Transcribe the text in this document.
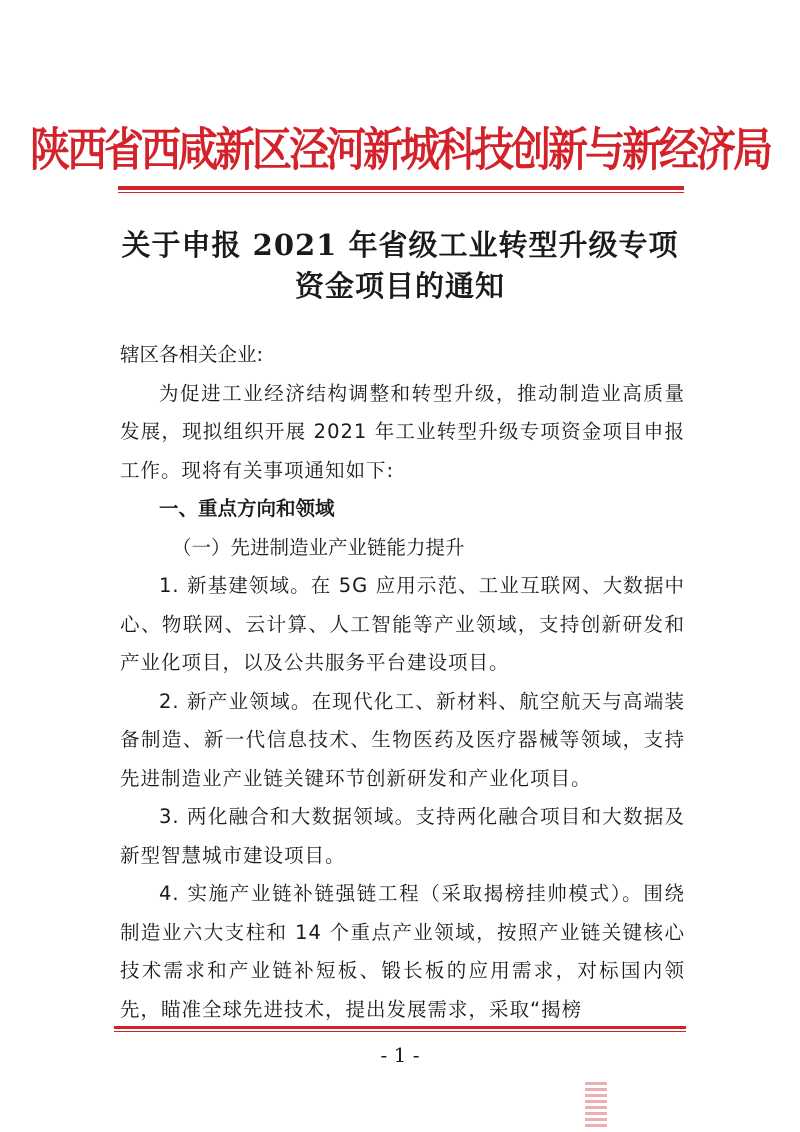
陕西省西咸新区泾河新城科技创新与新经济局
关于申报 2021 年省级工业转型升级专项
资金项目的通知

辖区各相关企业:

为促进工业经济结构调整和转型升级，推动制造业高质量发展，现拟组织开展 2021 年工业转型升级专项资金项目申报工作。现将有关事项通知如下:

一、重点方向和领域

（一）先进制造业产业链能力提升

1. 新基建领域。在 5G 应用示范、工业互联网、大数据中心、物联网、云计算、人工智能等产业领域，支持创新研发和产业化项目，以及公共服务平台建设项目。

2. 新产业领域。在现代化工、新材料、航空航天与高端装备制造、新一代信息技术、生物医药及医疗器械等领域，支持先进制造业产业链关键环节创新研发和产业化项目。

3. 两化融合和大数据领域。支持两化融合项目和大数据及新型智慧城市建设项目。

4. 实施产业链补链强链工程（采取揭榜挂帅模式）。围绕制造业六大支柱和 14 个重点产业领域，按照产业链关键核心技术需求和产业链补短板、锻长板的应用需求，对标国内领先，瞄准全球先进技术，提出发展需求，采取“揭榜

- 1 -
